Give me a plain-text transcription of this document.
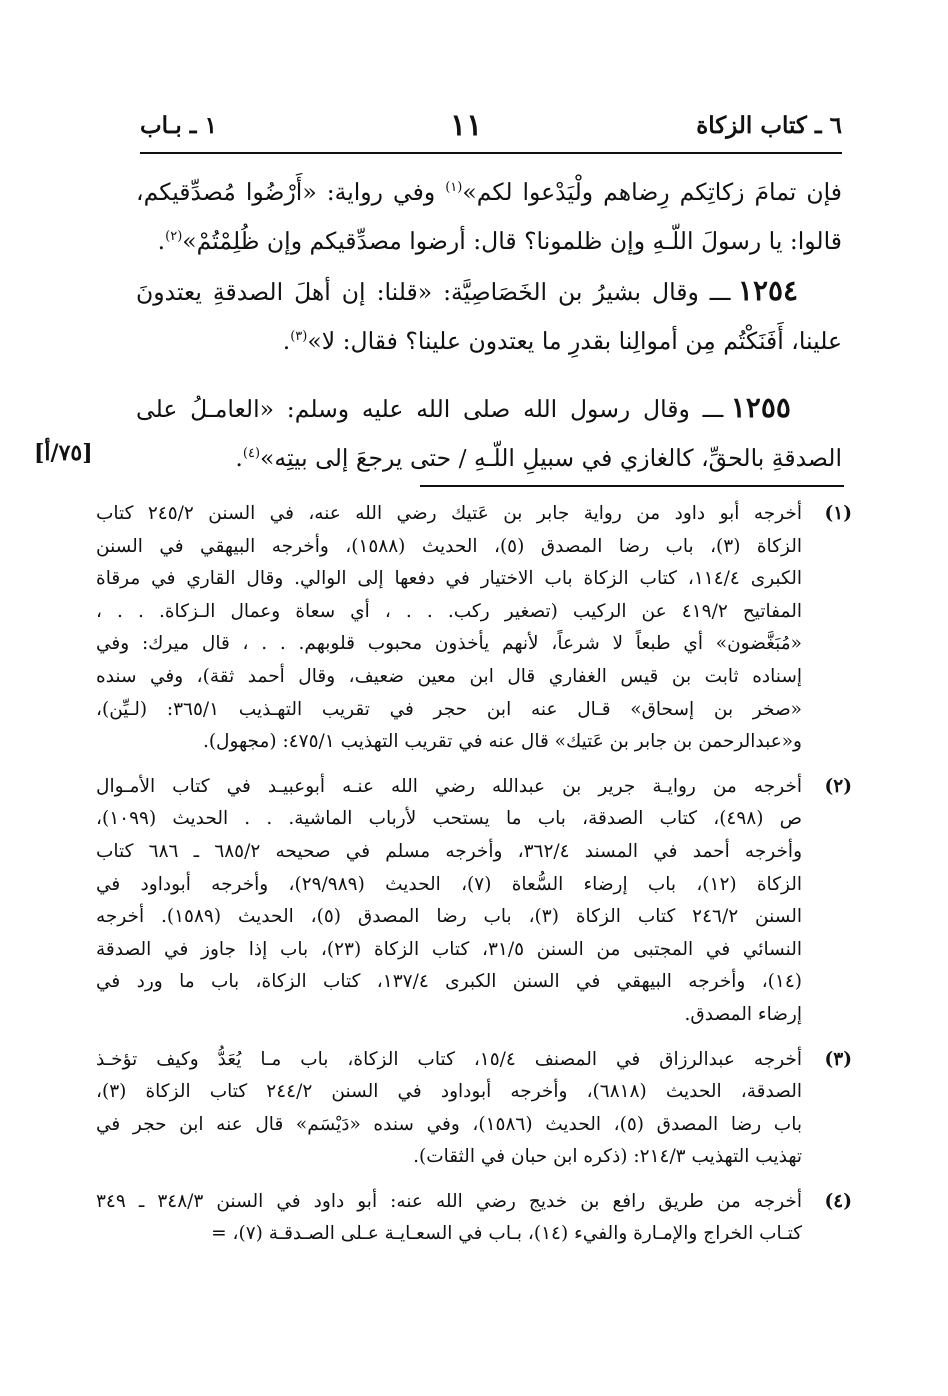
٦ ـ كتاب الزكاة
١١
١ ـ بـاب

فإن تمامَ زكاتِكم رِضاهم ولْيَدْعوا لكم»$^{(١)}$ وفي رواية: «أَرْضُوا مُصدِّقيكم، قالوا: يا رسولَ اللّـهِ وإن ظلمونا؟ قال: أرضوا مصدِّقيكم وإن ظُلِمْتُمْ»$^{(٢)}$.

١٢٥٤ ـــ وقال بشيرُ بن الخَصَاصِيَّة: «قلنا: إن أهلَ الصدقةِ يعتدونَ علينا، أَفَنَكْتُم مِن أموالِنا بقدرِ ما يعتدون علينا؟ فقال: لا»$^{(٣)}$.

١٢٥٥ ـــ وقال رسول الله صلى الله عليه وسلم: «العامـلُ على الصدقةِ بالحقِّ، كالغازي في سبيلِ اللّـهِ / حتى يرجعَ إلى بيتِه»$^{(٤)}$.

[٧٥/أ]
(١)
أخرجه أبو داود من رواية جابر بن عَتيك رضي الله عنه، في السنن ٢٤٥/٢ كتاب
الزكاة (٣)، باب رضا المصدق (٥)، الحديث (١٥٨٨)، وأخرجه البيهقي في السنن
الكبرى ١١٤/٤، كتاب الزكاة باب الاختيار في دفعها إلى الوالي. وقال القاري في مرقاة
المفاتيح ٤١٩/٢ عن الركيب (تصغير ركب. . . ، أي سعاة وعمال الـزكاة. . . ،
«مُبَغَّضون» أي طبعاً لا شرعاً، لأنهم يأخذون محبوب قلوبهم. . . ، قال ميرك: وفي
إسناده ثابت بن قيس الغفاري قال ابن معين ضعيف، وقال أحمد ثقة)، وفي سنده
«صخر بن إسحاق» قـال عنه ابن حجر في تقريب التهـذيب ٣٦٥/١: (لـيِّن)،
و«عبدالرحمن بن جابر بن عَتيك» قال عنه في تقريب التهذيب ٤٧٥/١: (مجهول).
(٢)
أخرجه من روايـة جرير بن عبدالله رضي الله عنـه أبوعبيـد في كتاب الأمـوال
ص (٤٩٨)، كتاب الصدقة، باب ما يستحب لأرباب الماشية. . . الحديث (١٠٩٩)،
وأخرجه أحمد في المسند ٣٦٢/٤، وأخرجه مسلم في صحيحه ٦٨٥/٢ ـ ٦٨٦ كتاب
الزكاة (١٢)، باب إرضاء السُّعاة (٧)، الحديث (٢٩/٩٨٩)، وأخرجه أبوداود في
السنن ٢٤٦/٢ كتاب الزكاة (٣)، باب رضا المصدق (٥)، الحديث (١٥٨٩). أخرجه
النسائي في المجتبى من السنن ٣١/٥، كتاب الزكاة (٢٣)، باب إذا جاوز في الصدقة
(١٤)، وأخرجه البيهقي في السنن الكبرى ١٣٧/٤، كتاب الزكاة، باب ما ورد في
إرضاء المصدق.
(٣)
أخرجه عبدالرزاق في المصنف ١٥/٤، كتاب الزكاة، باب مـا يُعَدُّ وكيف تؤخـذ
الصدقة، الحديث (٦٨١٨)، وأخرجه أبوداود في السنن ٢٤٤/٢ كتاب الزكاة (٣)،
باب رضا المصدق (٥)، الحديث (١٥٨٦)، وفي سنده «دَيْسَم» قال عنه ابن حجر في
تهذيب التهذيب ٢١٤/٣: (ذكره ابن حبان في الثقات).
(٤)
أخرجه من طريق رافع بن خديج رضي الله عنه: أبو داود في السنن ٣٤٨/٣ ـ ٣٤٩
كتـاب الخراج والإمـارة والفيء (١٤)، بـاب في السعـايـة عـلى الصـدقـة (٧)، =
